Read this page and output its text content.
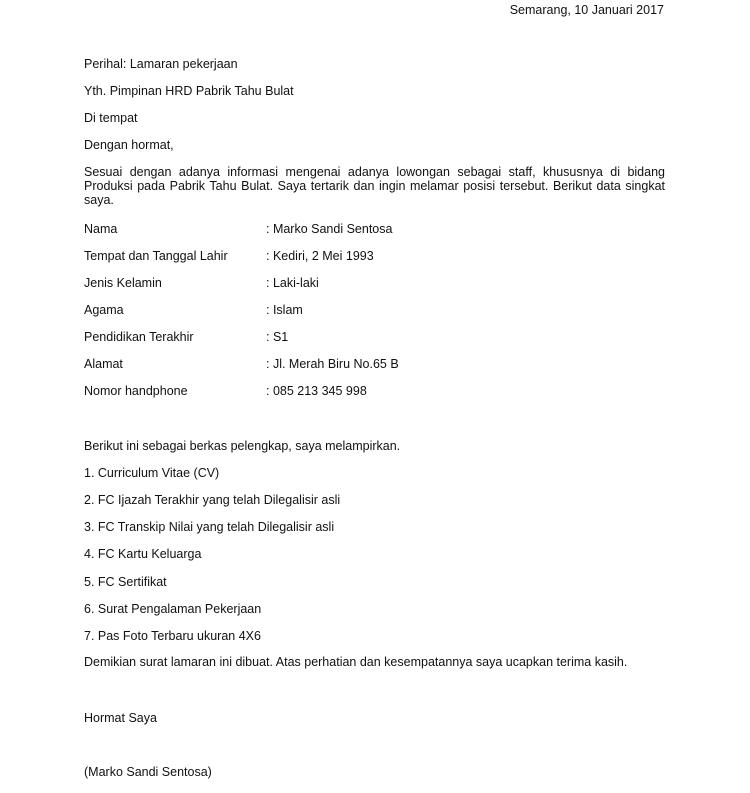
Semarang, 10 Januari 2017
Perihal: Lamaran pekerjaan
Yth. Pimpinan HRD Pabrik Tahu Bulat
Di tempat
Dengan hormat,
Sesuai dengan adanya informasi mengenai adanya lowongan sebagai staff, khususnya di bidang Produksi pada Pabrik Tahu Bulat. Saya tertarik dan ingin melamar posisi tersebut. Berikut data singkat saya.
Nama	: Marko Sandi Sentosa
Tempat dan Tanggal Lahir	: Kediri, 2 Mei 1993
Jenis Kelamin	: Laki-laki
Agama	: Islam
Pendidikan Terakhir	: S1
Alamat	: Jl. Merah Biru No.65 B
Nomor handphone	: 085 213 345 998
Berikut ini sebagai berkas pelengkap, saya melampirkan.
1. Curriculum Vitae (CV)
2. FC Ijazah Terakhir yang telah Dilegalisir asli
3. FC Transkip Nilai yang telah Dilegalisir asli
4. FC Kartu Keluarga
5. FC Sertifikat
6. Surat Pengalaman Pekerjaan
7. Pas Foto Terbaru ukuran 4X6
Demikian surat lamaran ini dibuat. Atas perhatian dan kesempatannya saya ucapkan terima kasih.
Hormat Saya
(Marko Sandi Sentosa)
